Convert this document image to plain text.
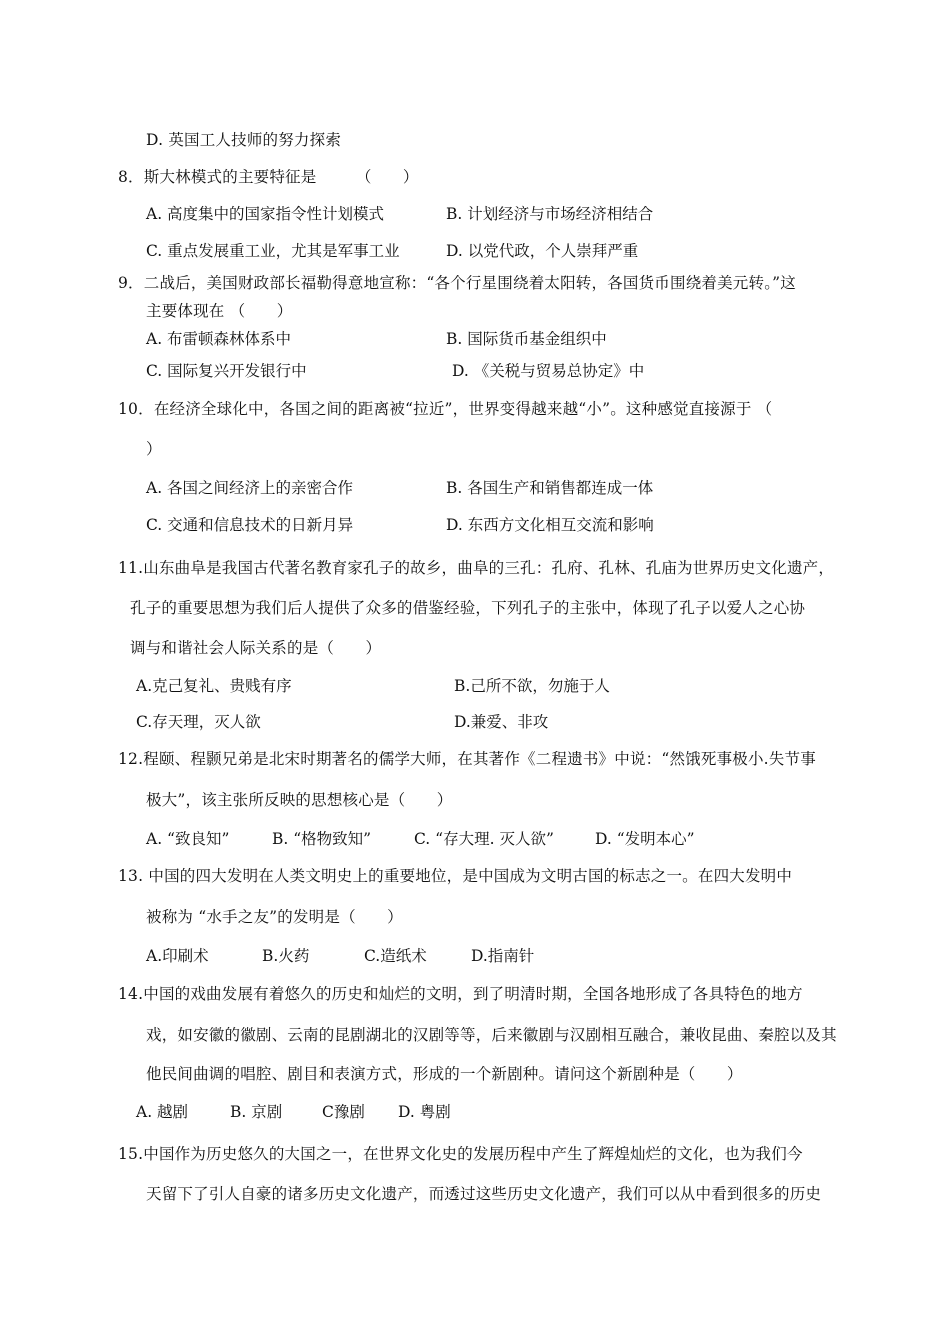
D. 英国工人技师的努力探索
8．斯大林模式的主要特征是　　　（　　）
A. 高度集中的国家指令性计划模式	B. 计划经济与市场经济相结合
C. 重点发展重工业，尤其是军事工业	D. 以党代政，个人崇拜严重
9．二战后，美国财政部长福勒得意地宣称：“各个行星围绕着太阳转，各国货币围绕着美元转。”这
主要体现在 （　　）
A. 布雷顿森林体系中	B. 国际货币基金组织中
C. 国际复兴开发银行中	D. 《关税与贸易总协定》中
10．在经济全球化中，各国之间的距离被“拉近”，世界变得越来越“小”。这种感觉直接源于 （
）
A. 各国之间经济上的亲密合作	B. 各国生产和销售都连成一体
C. 交通和信息技术的日新月异	D. 东西方文化相互交流和影响
11.山东曲阜是我国古代著名教育家孔子的故乡，曲阜的三孔：孔府、孔林、孔庙为世界历史文化遗产，
孔子的重要思想为我们后人提供了众多的借鉴经验，下列孔子的主张中，体现了孔子以爱人之心协
调与和谐社会人际关系的是（　　）
A.克己复礼、贵贱有序	B.己所不欲，勿施于人
C.存天理，灭人欲	D.兼爱、非攻
12.程颐、程颢兄弟是北宋时期著名的儒学大师，在其著作《二程遗书》中说：“然饿死事极小.失节事
极大”，该主张所反映的思想核心是（　　）
A. “致良知”	B. “格物致知”	C. “存大理. 灭人欲”	D. “发明本心”
13. 中国的四大发明在人类文明史上的重要地位，是中国成为文明古国的标志之一。在四大发明中
被称为 “水手之友”的发明是（　　）
A.印刷术	B.火药	C.造纸术	D.指南针
14.中国的戏曲发展有着悠久的历史和灿烂的文明，到了明清时期，全国各地形成了各具特色的地方
戏，如安徽的徽剧、云南的昆剧湖北的汉剧等等，后来徽剧与汉剧相互融合，兼收昆曲、秦腔以及其
他民间曲调的唱腔、剧目和表演方式，形成的一个新剧种。请问这个新剧种是（　　）
A. 越剧	B. 京剧	C豫剧 D. 粤剧
15.中国作为历史悠久的大国之一，在世界文化史的发展历程中产生了辉煌灿烂的文化，也为我们今
天留下了引人自豪的诸多历史文化遗产，而透过这些历史文化遗产，我们可以从中看到很多的历史
